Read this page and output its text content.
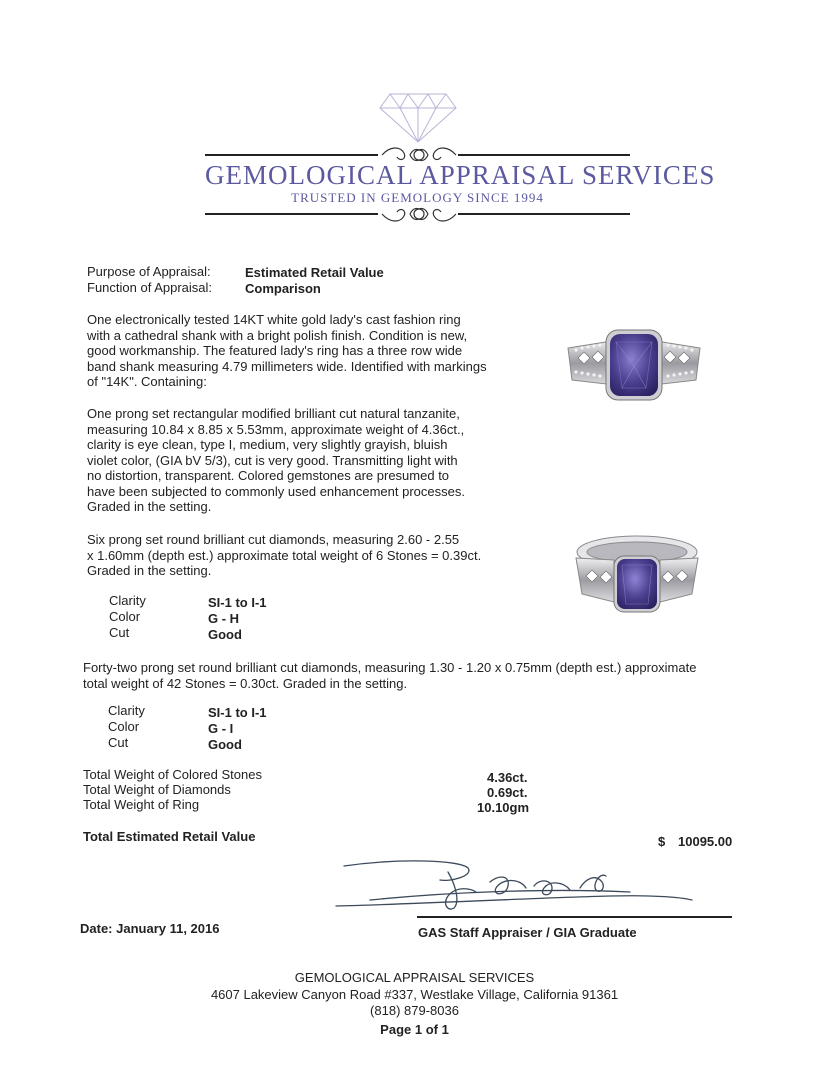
GEMOLOGICAL APPRAISAL SERVICES
TRUSTED IN GEMOLOGY SINCE 1994
Purpose of Appraisal:	Estimated Retail Value
Function of Appraisal:	Comparison
One electronically tested 14KT white gold lady's cast fashion ring
with a cathedral shank with a bright polish finish. Condition is new,
good workmanship. The featured lady's ring has a three row wide
band shank measuring 4.79 millimeters wide. Identified with markings
of "14K". Containing:
One prong set rectangular modified brilliant cut natural tanzanite,
measuring 10.84 x 8.85 x 5.53mm, approximate weight of 4.36ct.,
clarity is eye clean, type I, medium, very slightly grayish, bluish
violet color, (GIA bV 5/3), cut is very good. Transmitting light with
no distortion, transparent. Colored gemstones are presumed to
have been subjected to commonly used enhancement processes.
Graded in the setting.
Six prong set round brilliant cut diamonds, measuring 2.60 - 2.55
x 1.60mm (depth est.) approximate total weight of 6 Stones = 0.39ct.
Graded in the setting.
Clarity	SI-1 to I-1
Color	G - H
Cut	Good
Forty-two prong set round brilliant cut diamonds, measuring 1.30 - 1.20 x 0.75mm (depth est.) approximate
total weight of 42 Stones = 0.30ct. Graded in the setting.
Clarity	SI-1 to I-1
Color	G - I
Cut	Good
Total Weight of Colored Stones	4.36ct.
Total Weight of Diamonds	0.69ct.
Total Weight of Ring	10.10gm
Total Estimated Retail Value	$ 10095.00
Date: January 11, 2016	GAS Staff Appraiser / GIA Graduate
GEMOLOGICAL APPRAISAL SERVICES
4607 Lakeview Canyon Road #337, Westlake Village, California 91361
(818) 879-8036
Page 1 of 1
